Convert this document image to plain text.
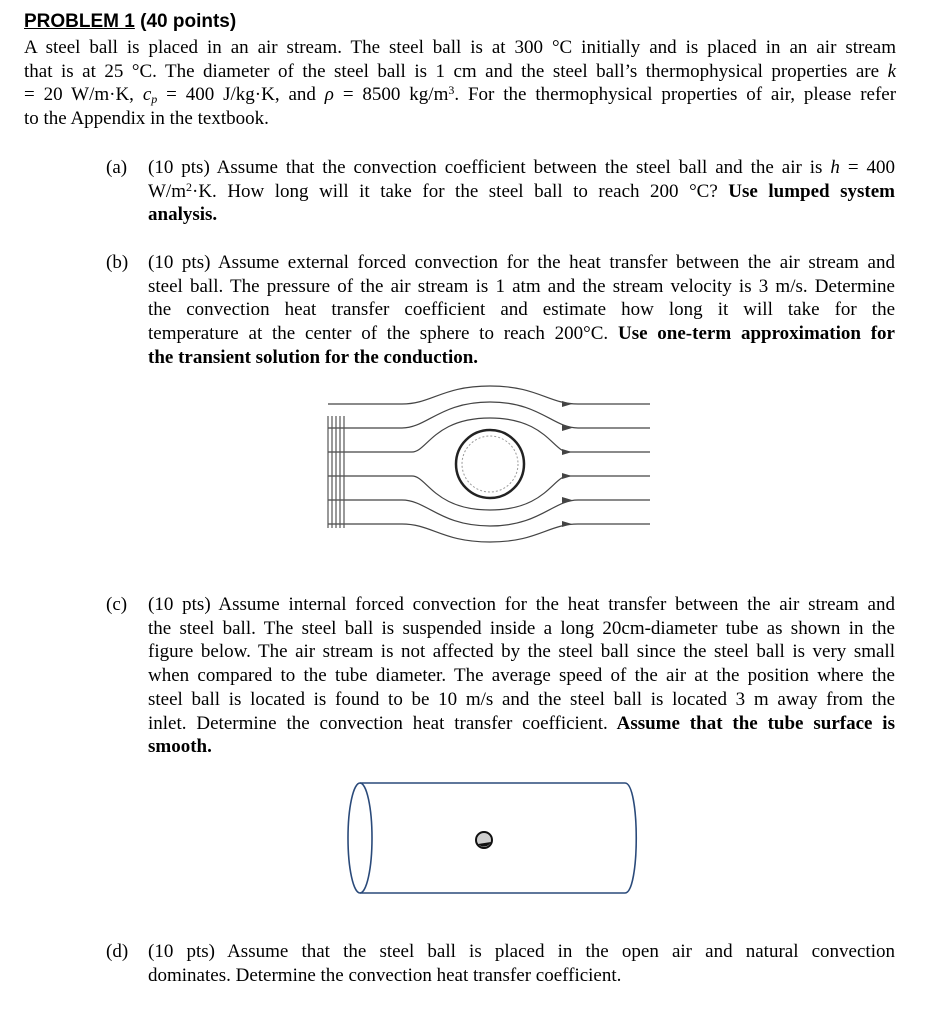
PROBLEM 1 (40 points)
A steel ball is placed in an air stream. The steel ball is at 300 °C initially and is placed in an air stream
that is at 25 °C. The diameter of the steel ball is 1 cm and the steel ball’s thermophysical properties are k
= 20 W/m·K, $c_p = 400$ J/kg·K, and ρ = 8500 $kg/m^3$. For the thermophysical properties of air, please refer
to the Appendix in the textbook.
(a) (10 pts) Assume that the convection coefficient between the steel ball and the air is h = 400
$W/m^2\cdot K$. How long will it take for the steel ball to reach 200 °C? Use lumped system
analysis.
(b) (10 pts) Assume external forced convection for the heat transfer between the air stream and
steel ball. The pressure of the air stream is 1 atm and the stream velocity is 3 m/s. Determine
the convection heat transfer coefficient and estimate how long it will take for the
temperature at the center of the sphere to reach 200°C. Use one-term approximation for
the transient solution for the conduction.
(c) (10 pts) Assume internal forced convection for the heat transfer between the air stream and
the steel ball. The steel ball is suspended inside a long 20cm-diameter tube as shown in the
figure below. The air stream is not affected by the steel ball since the steel ball is very small
when compared to the tube diameter. The average speed of the air at the position where the
steel ball is located is found to be 10 m/s and the steel ball is located 3 m away from the
inlet. Determine the convection heat transfer coefficient. Assume that the tube surface is
smooth.
(d) (10 pts) Assume that the steel ball is placed in the open air and natural convection
dominates. Determine the convection heat transfer coefficient.
